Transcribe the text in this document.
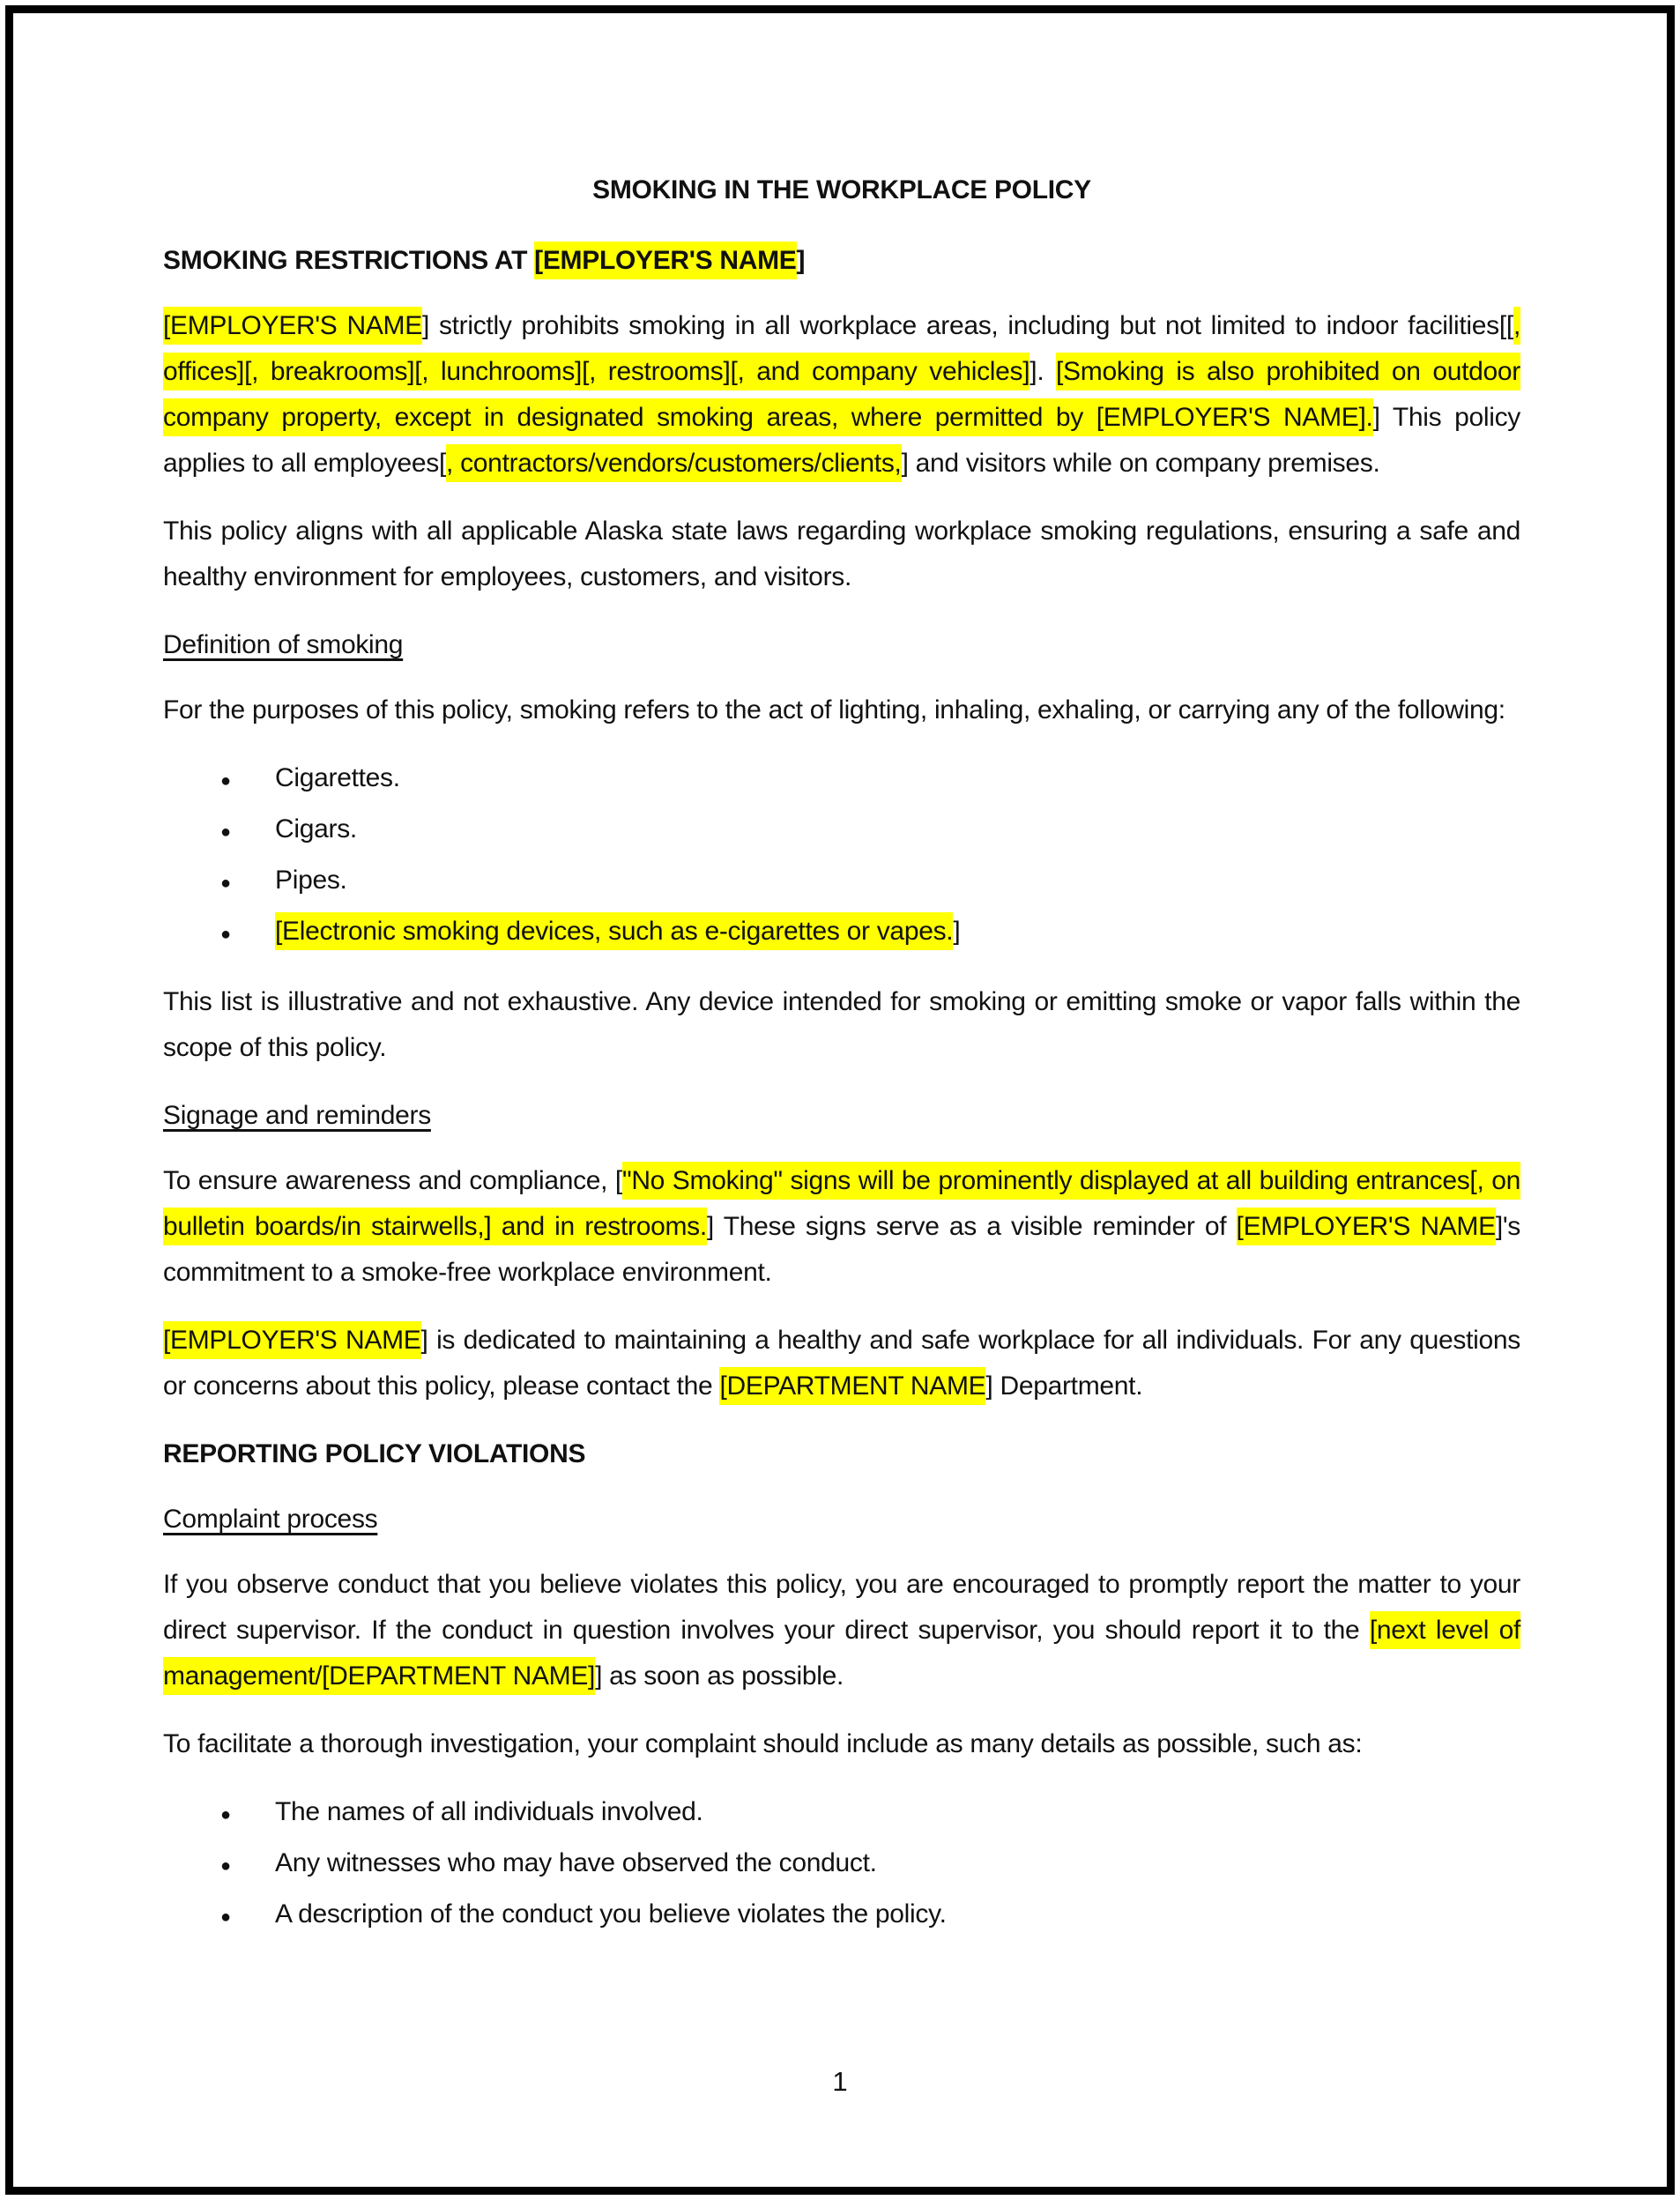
SMOKING IN THE WORKPLACE POLICY
SMOKING RESTRICTIONS AT [EMPLOYER'S NAME]
[EMPLOYER'S NAME] strictly prohibits smoking in all workplace areas, including but not limited to indoor facilities[[, offices][, breakrooms][, lunchrooms][, restrooms][, and company vehicles]]. [Smoking is also prohibited on outdoor company property, except in designated smoking areas, where permitted by [EMPLOYER'S NAME].] This policy applies to all employees[, contractors/vendors/customers/clients,] and visitors while on company premises.
This policy aligns with all applicable Alaska state laws regarding workplace smoking regulations, ensuring a safe and healthy environment for employees, customers, and visitors.
Definition of smoking
For the purposes of this policy, smoking refers to the act of lighting, inhaling, exhaling, or carrying any of the following:
●	Cigarettes.
●	Cigars.
●	Pipes.
●	[Electronic smoking devices, such as e-cigarettes or vapes.]
This list is illustrative and not exhaustive. Any device intended for smoking or emitting smoke or vapor falls within the scope of this policy.
Signage and reminders
To ensure awareness and compliance, ["No Smoking" signs will be prominently displayed at all building entrances[, on bulletin boards/in stairwells,] and in restrooms.] These signs serve as a visible reminder of [EMPLOYER'S NAME]'s commitment to a smoke-free workplace environment.
[EMPLOYER'S NAME] is dedicated to maintaining a healthy and safe workplace for all individuals. For any questions or concerns about this policy, please contact the [DEPARTMENT NAME] Department.
REPORTING POLICY VIOLATIONS
Complaint process
If you observe conduct that you believe violates this policy, you are encouraged to promptly report the matter to your direct supervisor. If the conduct in question involves your direct supervisor, you should report it to the [next level of management/[DEPARTMENT NAME]] as soon as possible.
To facilitate a thorough investigation, your complaint should include as many details as possible, such as:
●	The names of all individuals involved.
●	Any witnesses who may have observed the conduct.
●	A description of the conduct you believe violates the policy.
1
